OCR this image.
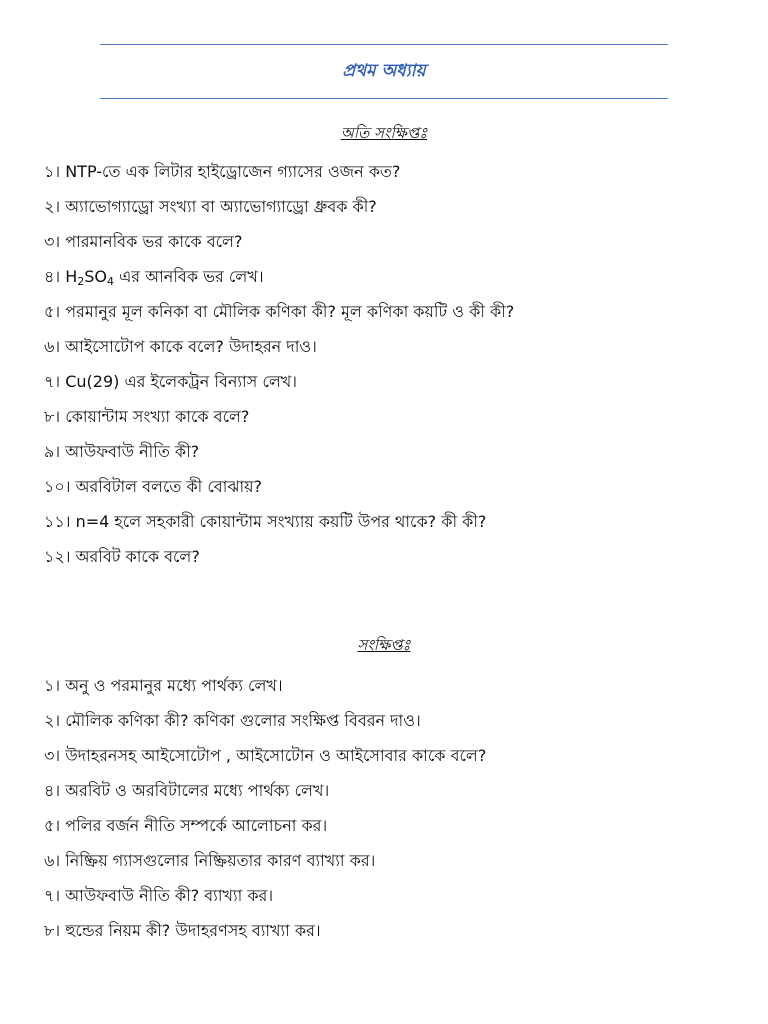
প্রথম অধ্যায়
অতি সংক্ষিপ্তঃ
১। NTP-তে এক লিটার হাইড্রোজেন গ্যাসের ওজন কত?
২। অ্যাভোগ্যাড্রো সংখ্যা বা অ্যাভোগ্যাড্রো ধ্রুবক কী?
৩। পারমানবিক ভর কাকে বলে?
৪। $H_2SO_4$ এর আনবিক ভর লেখ।
৫। পরমানুর মূল কনিকা বা মৌলিক কণিকা কী? মূল কণিকা কয়টি ও কী কী?
৬। আইসোটোপ কাকে বলে? উদাহরন দাও।
৭। Cu(29) এর ইলেকট্রন বিন্যাস লেখ।
৮। কোয়ান্টাম সংখ্যা কাকে বলে?
৯। আউফবাউ নীতি কী?
১০। অরবিটাল বলতে কী বোঝায়?
১১। n=4 হলে সহকারী কোয়ান্টাম সংখ্যায় কয়টি উপর থাকে? কী কী?
১২। অরবিট কাকে বলে?
সংক্ষিপ্তঃ
১। অনু ও পরমানুর মধ্যে পার্থক্য লেখ।
২। মৌলিক কণিকা কী? কণিকা গুলোর সংক্ষিপ্ত বিবরন দাও।
৩। উদাহরনসহ আইসোটোপ , আইসোটোন ও আইসোবার কাকে বলে?
৪। অরবিট ও অরবিটালের মধ্যে পার্থক্য লেখ।
৫। পলির বর্জন নীতি সম্পর্কে আলোচনা কর।
৬। নিষ্ক্রিয় গ্যাসগুলোর নিষ্ক্রিয়তার কারণ ব্যাখ্যা কর।
৭। আউফবাউ নীতি কী? ব্যাখ্যা কর।
৮। হুন্ডের নিয়ম কী? উদাহরণসহ ব্যাখ্যা কর।
